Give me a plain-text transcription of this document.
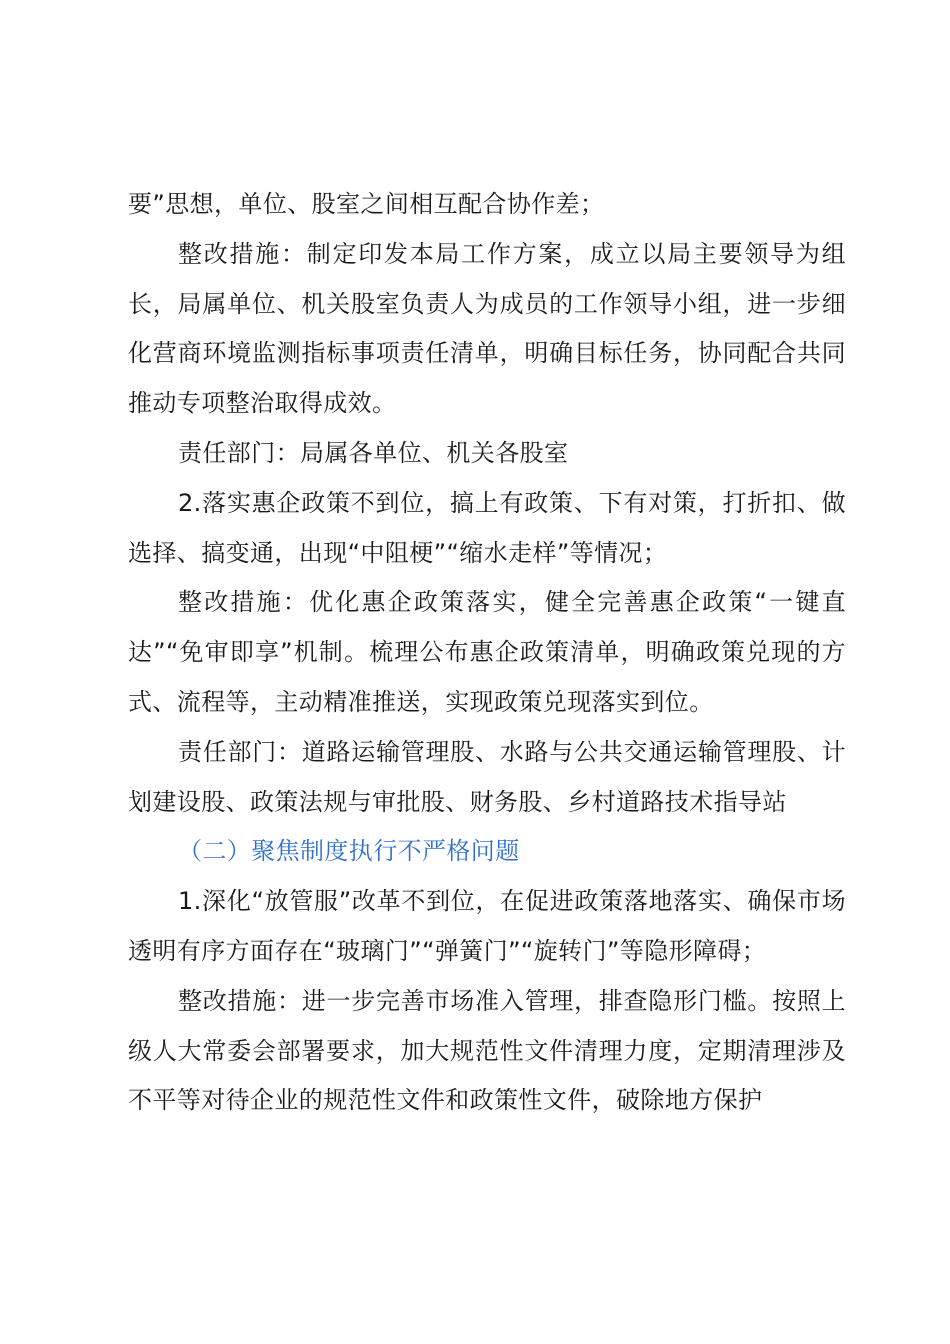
要”思想，单位、股室之间相互配合协作差；

整改措施：制定印发本局工作方案，成立以局主要领导为组长，局属单位、机关股室负责人为成员的工作领导小组，进一步细化营商环境监测指标事项责任清单，明确目标任务，协同配合共同推动专项整治取得成效。

责任部门：局属各单位、机关各股室

2.落实惠企政策不到位，搞上有政策、下有对策，打折扣、做选择、搞变通，出现“中阻梗”“缩水走样”等情况；

整改措施：优化惠企政策落实，健全完善惠企政策“一键直达”“免审即享”机制。梳理公布惠企政策清单，明确政策兑现的方式、流程等，主动精准推送，实现政策兑现落实到位。

责任部门：道路运输管理股、水路与公共交通运输管理股、计划建设股、政策法规与审批股、财务股、乡村道路技术指导站

（二）聚焦制度执行不严格问题

1.深化“放管服”改革不到位，在促进政策落地落实、确保市场透明有序方面存在“玻璃门”“弹簧门”“旋转门”等隐形障碍；

整改措施：进一步完善市场准入管理，排查隐形门槛。按照上级人大常委会部署要求，加大规范性文件清理力度，定期清理涉及不平等对待企业的规范性文件和政策性文件，破除地方保护
